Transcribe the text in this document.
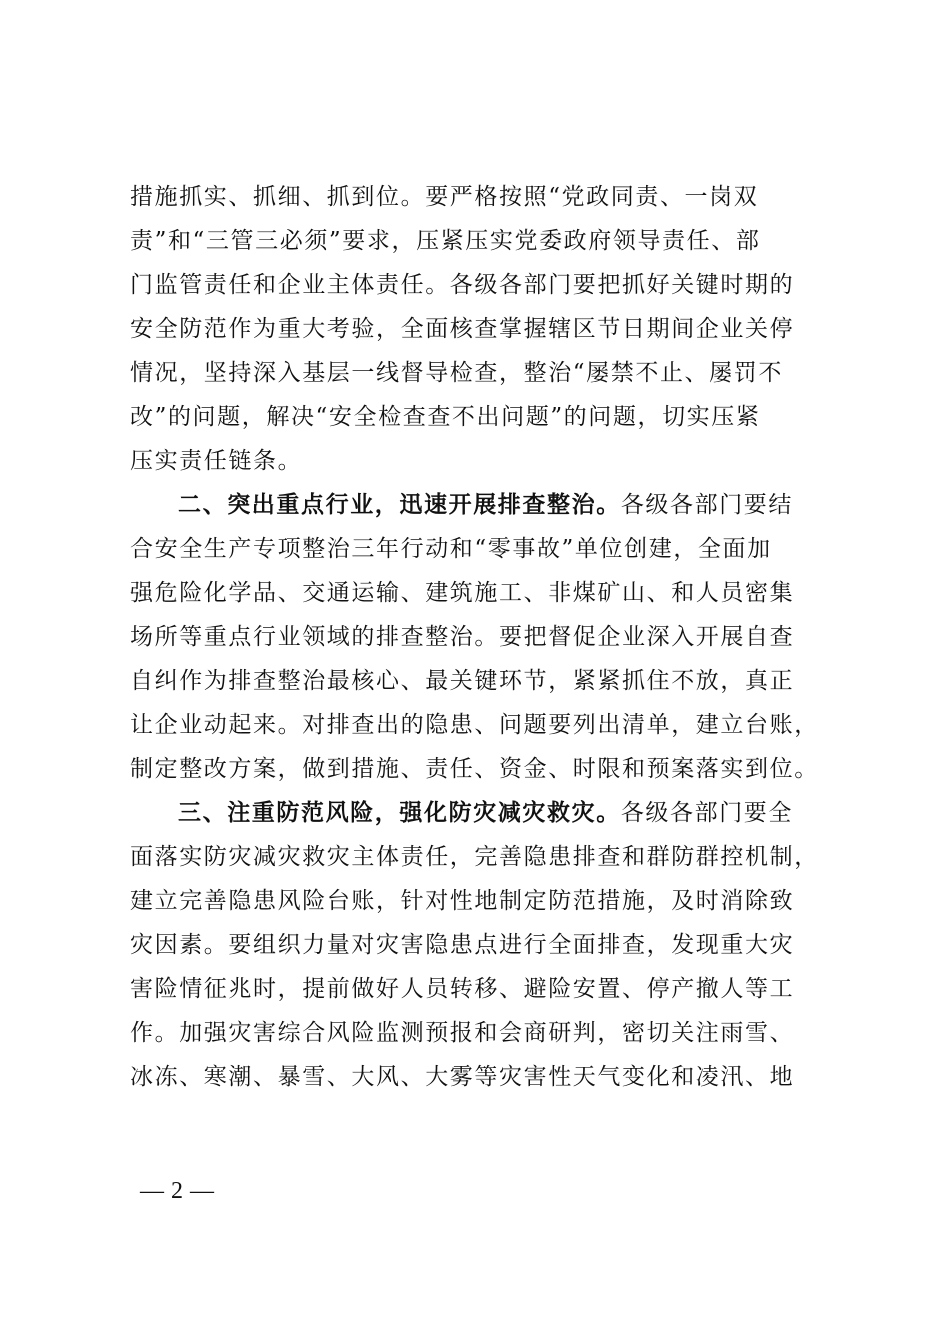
措施抓实、抓细、抓到位。要严格按照“党政同责、一岗双
责”和“三管三必须”要求，压紧压实党委政府领导责任、部
门监管责任和企业主体责任。各级各部门要把抓好关键时期的
安全防范作为重大考验，全面核查掌握辖区节日期间企业关停
情况，坚持深入基层一线督导检查，整治“屡禁不止、屡罚不
改”的问题，解决“安全检查查不出问题”的问题，切实压紧
压实责任链条。
二、突出重点行业，迅速开展排查整治。各级各部门要结
合安全生产专项整治三年行动和“零事故”单位创建，全面加
强危险化学品、交通运输、建筑施工、非煤矿山、和人员密集
场所等重点行业领域的排查整治。要把督促企业深入开展自查
自纠作为排查整治最核心、最关键环节，紧紧抓住不放，真正
让企业动起来。对排查出的隐患、问题要列出清单，建立台账，
制定整改方案，做到措施、责任、资金、时限和预案落实到位。
三、注重防范风险，强化防灾减灾救灾。各级各部门要全
面落实防灾减灾救灾主体责任，完善隐患排查和群防群控机制，
建立完善隐患风险台账，针对性地制定防范措施，及时消除致
灾因素。要组织力量对灾害隐患点进行全面排查，发现重大灾
害险情征兆时，提前做好人员转移、避险安置、停产撤人等工
作。加强灾害综合风险监测预报和会商研判，密切关注雨雪、
冰冻、寒潮、暴雪、大风、大雾等灾害性天气变化和凌汛、地
— 2 —
